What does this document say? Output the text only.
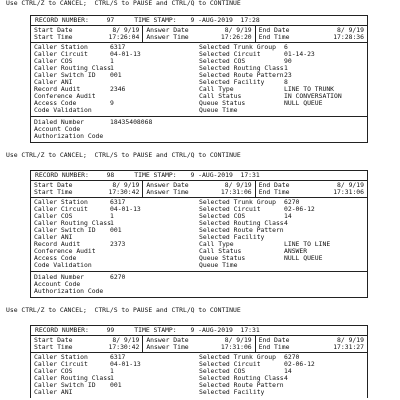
Use CTRL/Z to CANCEL;  CTRL/S to PAUSE and CTRL/Q to CONTINUE
RECORD NUMBER:	97	TIME STAMP: 9 -AUG-2019  17:28
Start Date	8/ 9/19
Start Time	17:26:04
Answer Date	8/ 9/19
Answer Time	17:26:20
End Date	8/ 9/19
End Time	17:28:36
Caller Station	6317
Caller Circuit	04-01-13
Caller COS	1
Caller Routing Class 1
Caller Switch ID	001
Caller ANI
Record Audit	2346
Conference Audit
Access Code	9
Code Validation
Selected Trunk Group	6
Selected Circuit	01-14-23
Selected COS	90
Selected Routing Class 1
Selected Route Pattern 23
Selected Facility	8
Call Type	LINE TO TRUNK
Call Status	IN CONVERSATION
Queue Status	NULL QUEUE
Queue Time
Dialed Number	18435408068
Account Code
Authorization Code
Use CTRL/Z to CANCEL;  CTRL/S to PAUSE and CTRL/Q to CONTINUE
RECORD NUMBER:	98	TIME STAMP: 9 -AUG-2019  17:31
Start Date	8/ 9/19
Start Time	17:30:42
Answer Date	8/ 9/19
Answer Time	17:31:06
End Date	8/ 9/19
End Time	17:31:06
Caller Station	6317
Caller Circuit	04-01-13
Caller COS	1
Caller Routing Class 1
Caller Switch ID	001
Caller ANI
Record Audit	2373
Conference Audit
Access Code
Code Validation
Selected Trunk Group	6270
Selected Circuit	02-06-12
Selected COS	14
Selected Routing Class 4
Selected Route Pattern
Selected Facility
Call Type	LINE TO LINE
Call Status	ANSWER
Queue Status	NULL QUEUE
Queue Time
Dialed Number	6270
Account Code
Authorization Code
Use CTRL/Z to CANCEL;  CTRL/S to PAUSE and CTRL/Q to CONTINUE
RECORD NUMBER:	99	TIME STAMP: 9 -AUG-2019  17:31
Start Date	8/ 9/19
Start Time	17:30:42
Answer Date	8/ 9/19
Answer Time	17:31:06
End Date	8/ 9/19
End Time	17:31:27
Caller Station	6317
Caller Circuit	04-01-13
Caller COS	1
Caller Routing Class 1
Caller Switch ID	001
Caller ANI
Selected Trunk Group	6270
Selected Circuit	02-06-12
Selected COS	14
Selected Routing Class 4
Selected Route Pattern
Selected Facility
